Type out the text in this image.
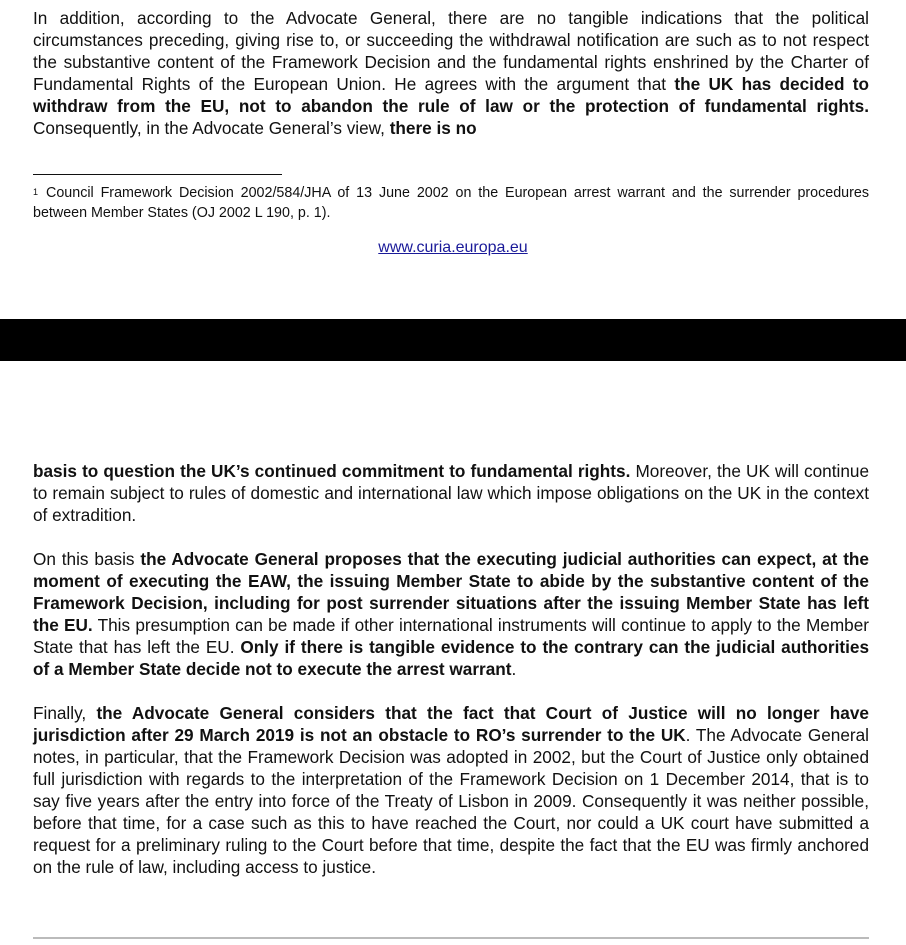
In addition, according to the Advocate General, there are no tangible indications that the political circumstances preceding, giving rise to, or succeeding the withdrawal notification are such as to not respect the substantive content of the Framework Decision and the fundamental rights enshrined by the Charter of Fundamental Rights of the European Union. He agrees with the argument that the UK has decided to withdraw from the EU, not to abandon the rule of law or the protection of fundamental rights. Consequently, in the Advocate General’s view, there is no

$^1$ Council Framework Decision 2002/584/JHA of 13 June 2002 on the European arrest warrant and the surrender procedures between Member States (OJ 2002 L 190, p. 1).

www.curia.europa.eu

basis to question the UK’s continued commitment to fundamental rights. Moreover, the UK will continue to remain subject to rules of domestic and international law which impose obligations on the UK in the context of extradition.

On this basis the Advocate General proposes that the executing judicial authorities can expect, at the moment of executing the EAW, the issuing Member State to abide by the substantive content of the Framework Decision, including for post surrender situations after the issuing Member State has left the EU. This presumption can be made if other international instruments will continue to apply to the Member State that has left the EU. Only if there is tangible evidence to the contrary can the judicial authorities of a Member State decide not to execute the arrest warrant.

Finally, the Advocate General considers that the fact that Court of Justice will no longer have jurisdiction after 29 March 2019 is not an obstacle to RO’s surrender to the UK. The Advocate General notes, in particular, that the Framework Decision was adopted in 2002, but the Court of Justice only obtained full jurisdiction with regards to the interpretation of the Framework Decision on 1 December 2014, that is to say five years after the entry into force of the Treaty of Lisbon in 2009. Consequently it was neither possible, before that time, for a case such as this to have reached the Court, nor could a UK court have submitted a request for a preliminary ruling to the Court before that time, despite the fact that the EU was firmly anchored on the rule of law, including access to justice.
